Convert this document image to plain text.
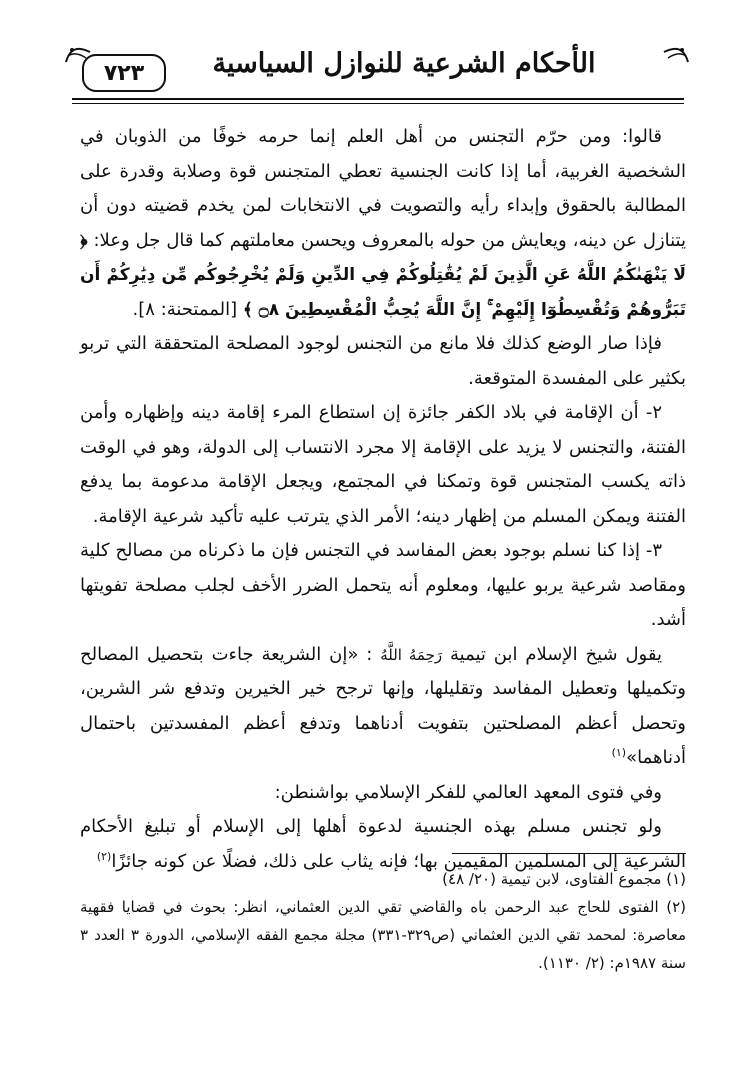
٧٢٣	الأحكام الشرعية للنوازل السياسية

قالوا: ومن حرّم التجنس من أهل العلم إنما حرمه خوفًا من الذوبان في الشخصية الغربية، أما إذا كانت الجنسية تعطي المتجنس قوة وصلابة وقدرة على المطالبة بالحقوق وإبداء رأيه والتصويت في الانتخابات لمن يخدم قضيته دون أن يتنازل عن دينه، ويعايش من حوله بالمعروف ويحسن معاملتهم كما قال جل وعلا: ﴿ لَا يَنْهَىٰكُمُ اللَّهُ عَنِ الَّذِينَ لَمْ يُقَٰتِلُوكُمْ فِي الدِّينِ وَلَمْ يُخْرِجُوكُم مِّن دِيَٰرِكُمْ أَن تَبَرُّوهُمْ وَتُقْسِطُوٓا إِلَيْهِمْ ۚ إِنَّ اللَّهَ يُحِبُّ الْمُقْسِطِينَ ۝٨ ﴾ [الممتحنة: ٨].

فإذا صار الوضع كذلك فلا مانع من التجنس لوجود المصلحة المتحققة التي تربو بكثير على المفسدة المتوقعة.

٢- أن الإقامة في بلاد الكفر جائزة إن استطاع المرء إقامة دينه وإظهاره وأمن الفتنة، والتجنس لا يزيد على الإقامة إلا مجرد الانتساب إلى الدولة، وهو في الوقت ذاته يكسب المتجنس قوة وتمكنا في المجتمع، ويجعل الإقامة مدعومة بما يدفع الفتنة ويمكن المسلم من إظهار دينه؛ الأمر الذي يترتب عليه تأكيد شرعية الإقامة.

٣- إذا كنا نسلم بوجود بعض المفاسد في التجنس فإن ما ذكرناه من مصالح كلية ومقاصد شرعية يربو عليها، ومعلوم أنه يتحمل الضرر الأخف لجلب مصلحة تفويتها أشد.

يقول شيخ الإسلام ابن تيمية رَحِمَهُ اللَّهُ : «إن الشريعة جاءت بتحصيل المصالح وتكميلها وتعطيل المفاسد وتقليلها، وإنها ترجح خير الخيرين وتدفع شر الشرين، وتحصل أعظم المصلحتين بتفويت أدناهما وتدفع أعظم المفسدتين باحتمال أدناهما»$^{(١)}$

وفي فتوى المعهد العالمي للفكر الإسلامي بواشنطن:

ولو تجنس مسلم بهذه الجنسية لدعوة أهلها إلى الإسلام أو تبليغ الأحكام الشرعية إلى المسلمين المقيمين بها؛ فإنه يثاب على ذلك، فضلًا عن كونه جائزًا$^{(٢)}$

(١) مجموع الفتاوى، لابن تيمية (٢٠/ ٤٨)

(٢) الفتوى للحاج عبد الرحمن باه والقاضي تقي الدين العثماني، انظر: بحوث في قضايا فقهية معاصرة: لمحمد تقي الدين العثماني (ص٣٢٩-٣٣١) مجلة مجمع الفقه الإسلامي، الدورة ٣ العدد ٣ سنة ١٩٨٧م: (٢/ ١١٣٠).
